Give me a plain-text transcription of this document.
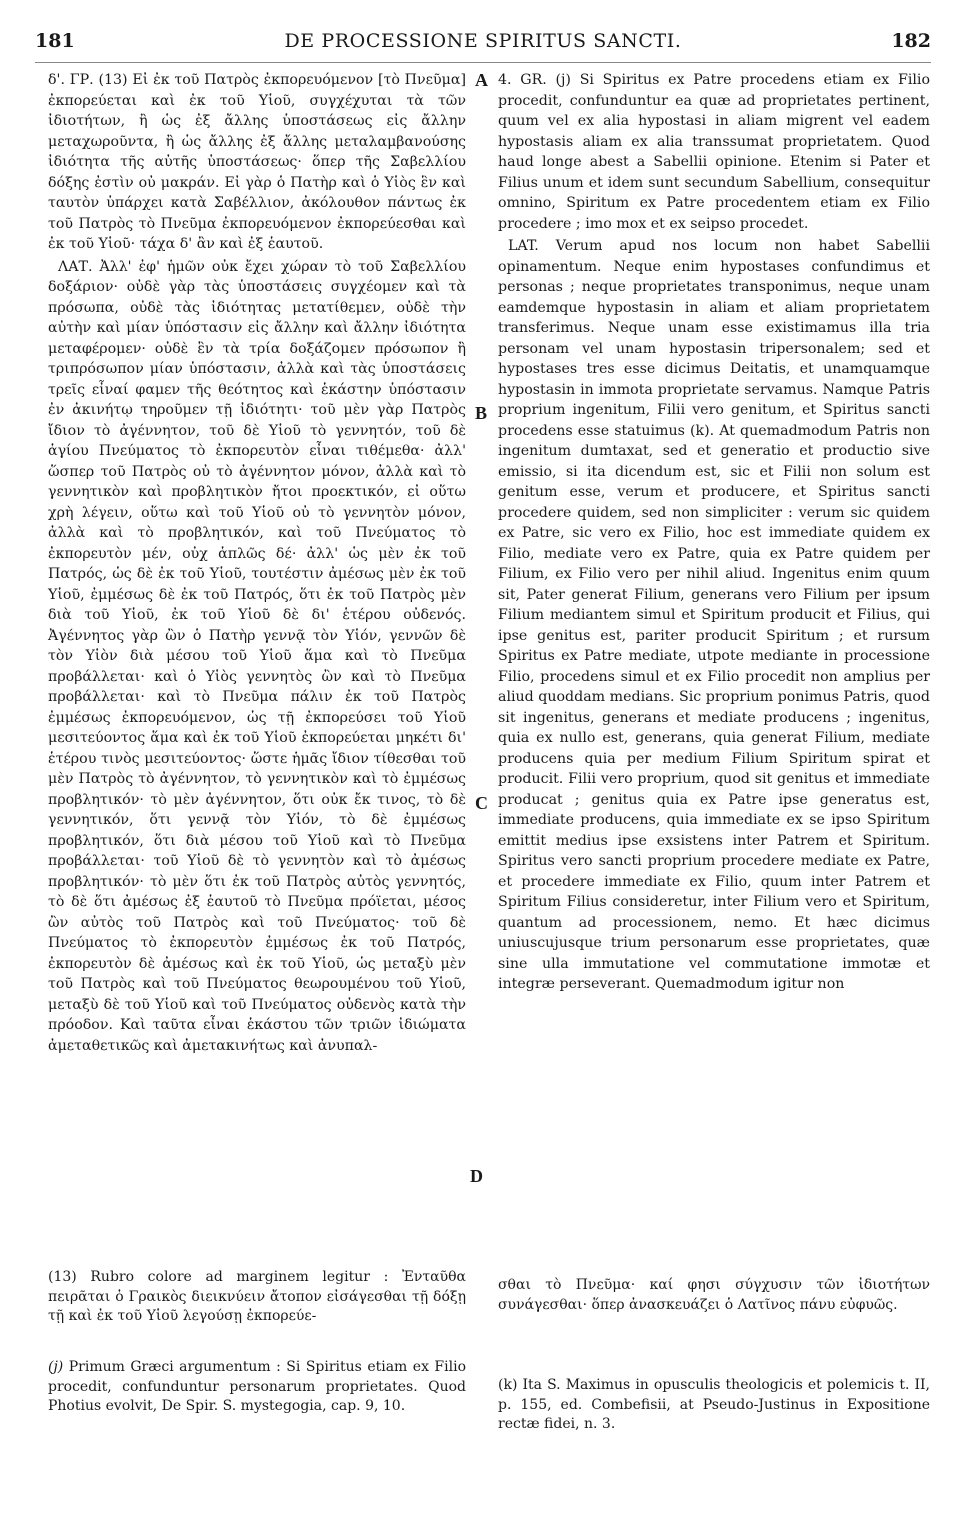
181	DE PROCESSIONE SPIRITUS SANCTI.	182

δ'. ΓΡ. (13) Εἰ ἐκ τοῦ Πατρὸς ἐκπορευόμενον [τὸ Πνεῦμα] ἐκπορεύεται καὶ ἐκ τοῦ Υἱοῦ, συγχέχυται τὰ τῶν ἰδιοτήτων, ἢ ὡς ἐξ ἄλλης ὑποστάσεως εἰς ἄλλην μεταχωροῦντα, ἢ ὡς ἄλλης ἐξ ἄλλης μεταλαμβανούσης ἰδιότητα τῆς αὐτῆς ὑποστάσεως· ὅπερ τῆς Σαβελλίου δόξης ἐστὶν οὐ μακράν. Εἰ γὰρ ὁ Πατὴρ καὶ ὁ Υἱὸς ἓν καὶ ταυτὸν ὑπάρχει κατὰ Σαβέλλιον, ἀκόλουθον πάντως ἐκ τοῦ Πατρὸς τὸ Πνεῦμα ἐκπορευόμενον ἐκπορεύεσθαι καὶ ἐκ τοῦ Υἱοῦ· τάχα δ' ἂν καὶ ἐξ ἑαυτοῦ.

ΛΑΤ. Ἀλλ' ἐφ' ἡμῶν οὐκ ἔχει χώραν τὸ τοῦ Σαβελλίου δοξάριον· οὐδὲ γὰρ τὰς ὑποστάσεις συγχέομεν καὶ τὰ πρόσωπα, οὐδὲ τὰς ἰδιότητας μετατίθεμεν, οὐδὲ τὴν αὐτὴν καὶ μίαν ὑπόστασιν εἰς ἄλλην καὶ ἄλλην ἰδιότητα μεταφέρομεν· οὐδὲ ἓν τὰ τρία δοξάζομεν πρόσωπον ἢ τριπρόσωπον μίαν ὑπόστασιν, ἀλλὰ καὶ τὰς ὑποστάσεις τρεῖς εἶναί φαμεν τῆς θεότητος καὶ ἑκάστην ὑπόστασιν ἐν ἀκινήτῳ τηροῦμεν τῇ ἰδιότητι· τοῦ μὲν γὰρ Πατρὸς ἴδιον τὸ ἀγέννητον, τοῦ δὲ Υἱοῦ τὸ γεννητόν, τοῦ δὲ ἁγίου Πνεύματος τὸ ἐκπορευτὸν εἶναι τιθέμεθα· ἀλλ' ὥσπερ τοῦ Πατρὸς οὐ τὸ ἀγέννητον μόνον, ἀλλὰ καὶ τὸ γεννητικὸν καὶ προβλητικὸν ἤτοι προεκτικόν, εἰ οὕτω χρὴ λέγειν, οὕτω καὶ τοῦ Υἱοῦ οὐ τὸ γεννητὸν μόνον, ἀλλὰ καὶ τὸ προβλητικόν, καὶ τοῦ Πνεύματος τὸ ἐκπορευτὸν μέν, οὐχ ἁπλῶς δέ· ἀλλ' ὡς μὲν ἐκ τοῦ Πατρός, ὡς δὲ ἐκ τοῦ Υἱοῦ, τουτέστιν ἀμέσως μὲν ἐκ τοῦ Υἱοῦ, ἐμμέσως δὲ ἐκ τοῦ Πατρός, ὅτι ἐκ τοῦ Πατρὸς μὲν διὰ τοῦ Υἱοῦ, ἐκ τοῦ Υἱοῦ δὲ δι' ἑτέρου οὐδενός. Ἀγέννητος γὰρ ὢν ὁ Πατὴρ γεννᾷ τὸν Υἱόν, γεννῶν δὲ τὸν Υἱὸν διὰ μέσου τοῦ Υἱοῦ ἅμα καὶ τὸ Πνεῦμα προβάλλεται· καὶ ὁ Υἱὸς γεννητὸς ὢν καὶ τὸ Πνεῦμα προβάλλεται· καὶ τὸ Πνεῦμα πάλιν ἐκ τοῦ Πατρὸς ἐμμέσως ἐκπορευόμενον, ὡς τῇ ἐκπορεύσει τοῦ Υἱοῦ μεσιτεύοντος ἅμα καὶ ἐκ τοῦ Υἱοῦ ἐκπορεύεται μηκέτι δι' ἑτέρου τινὸς μεσιτεύοντος· ὥστε ἡμᾶς ἴδιον τίθεσθαι τοῦ μὲν Πατρὸς τὸ ἀγέννητον, τὸ γεννητικὸν καὶ τὸ ἐμμέσως προβλητικόν· τὸ μὲν ἀγέννητον, ὅτι οὐκ ἔκ τινος, τὸ δὲ γεννητικόν, ὅτι γεννᾷ τὸν Υἱόν, τὸ δὲ ἐμμέσως προβλητικόν, ὅτι διὰ μέσου τοῦ Υἱοῦ καὶ τὸ Πνεῦμα προβάλλεται· τοῦ Υἱοῦ δὲ τὸ γεννητὸν καὶ τὸ ἀμέσως προβλητικόν· τὸ μὲν ὅτι ἐκ τοῦ Πατρὸς αὐτὸς γεννητός, τὸ δὲ ὅτι ἀμέσως ἐξ ἑαυτοῦ τὸ Πνεῦμα πρόϊεται, μέσος ὢν αὐτὸς τοῦ Πατρὸς καὶ τοῦ Πνεύματος· τοῦ δὲ Πνεύματος τὸ ἐκπορευτὸν ἐμμέσως ἐκ τοῦ Πατρός, ἐκπορευτὸν δὲ ἀμέσως καὶ ἐκ τοῦ Υἱοῦ, ὡς μεταξὺ μὲν τοῦ Πατρὸς καὶ τοῦ Πνεύματος θεωρουμένου τοῦ Υἱοῦ, μεταξὺ δὲ τοῦ Υἱοῦ καὶ τοῦ Πνεύματος οὐδενὸς κατὰ τὴν πρόοδον. Καὶ ταῦτα εἶναι ἑκάστου τῶν τριῶν ἰδιώματα ἀμεταθετικῶς καὶ ἀμετακινήτως καὶ ἀνυπαλ-

A
B
C
D

4. GR. (j) Si Spiritus ex Patre procedens etiam ex Filio procedit, confunduntur ea quæ ad proprietates pertinent, quum vel ex alia hypostasi in aliam migrent vel eadem hypostasis aliam ex alia transsumat proprietatem. Quod haud longe abest a Sabellii opinione. Etenim si Pater et Filius unum et idem sunt secundum Sabellium, consequitur omnino, Spiritum ex Patre procedentem etiam ex Filio procedere ; imo mox et ex seipso procedet.

LAT. Verum apud nos locum non habet Sabellii opinamentum. Neque enim hypostases confundimus et personas ; neque proprietates transponimus, neque unam eamdemque hypostasin in aliam et aliam proprietatem transferimus. Neque unam esse existimamus illa tria personam vel unam hypostasin tripersonalem; sed et hypostases tres esse dicimus Deitatis, et unamquamque hypostasin in immota proprietate servamus. Namque Patris proprium ingenitum, Filii vero genitum, et Spiritus sancti procedens esse statuimus (k). At quemadmodum Patris non ingenitum dumtaxat, sed et generatio et productio sive emissio, si ita dicendum est, sic et Filii non solum est genitum esse, verum et producere, et Spiritus sancti procedere quidem, sed non simpliciter : verum sic quidem ex Patre, sic vero ex Filio, hoc est immediate quidem ex Filio, mediate vero ex Patre, quia ex Patre quidem per Filium, ex Filio vero per nihil aliud. Ingenitus enim quum sit, Pater generat Filium, generans vero Filium per ipsum Filium mediantem simul et Spiritum producit et Filius, qui ipse genitus est, pariter producit Spiritum ; et rursum Spiritus ex Patre mediate, utpote mediante in processione Filio, procedens simul et ex Filio procedit non amplius per aliud quoddam medians. Sic proprium ponimus Patris, quod sit ingenitus, generans et mediate producens ; ingenitus, quia ex nullo est, generans, quia generat Filium, mediate producens quia per medium Filium Spiritum spirat et producit. Filii vero proprium, quod sit genitus et immediate producat ; genitus quia ex Patre ipse generatus est, immediate producens, quia immediate ex se ipso Spiritum emittit medius ipse exsistens inter Patrem et Spiritum. Spiritus vero sancti proprium procedere mediate ex Patre, et procedere immediate ex Filio, quum inter Patrem et Spiritum Filius consideretur, inter Filium vero et Spiritum, quantum ad processionem, nemo. Et hæc dicimus uniuscujusque trium personarum esse proprietates, quæ sine ulla immutatione vel commutatione immotæ et integræ perseverant. Quemadmodum igitur non

(13) Rubro colore ad marginem legitur : Ἐνταῦθα πειρᾶται ὁ Γραικὸς διεικνύειν ἄτοπον εἰσάγεσθαι τῇ δόξῃ τῇ καὶ ἐκ τοῦ Υἱοῦ λεγούσῃ ἐκπορεύε-

σθαι τὸ Πνεῦμα· καί φησι σύγχυσιν τῶν ἰδιοτήτων συνάγεσθαι· ὅπερ ἀνασκευάζει ὁ Λατῖνος πάνυ εὐφυῶς.

(j) Primum Græci argumentum : Si Spiritus etiam ex Filio procedit, confunduntur personarum proprietates. Quod Photius evolvit, De Spir. S. mystegogia, cap. 9, 10.

(k) Ita S. Maximus in opusculis theologicis et polemicis t. II, p. 155, ed. Combefisii, at Pseudo-Justinus in Expositione rectæ fidei, n. 3.
